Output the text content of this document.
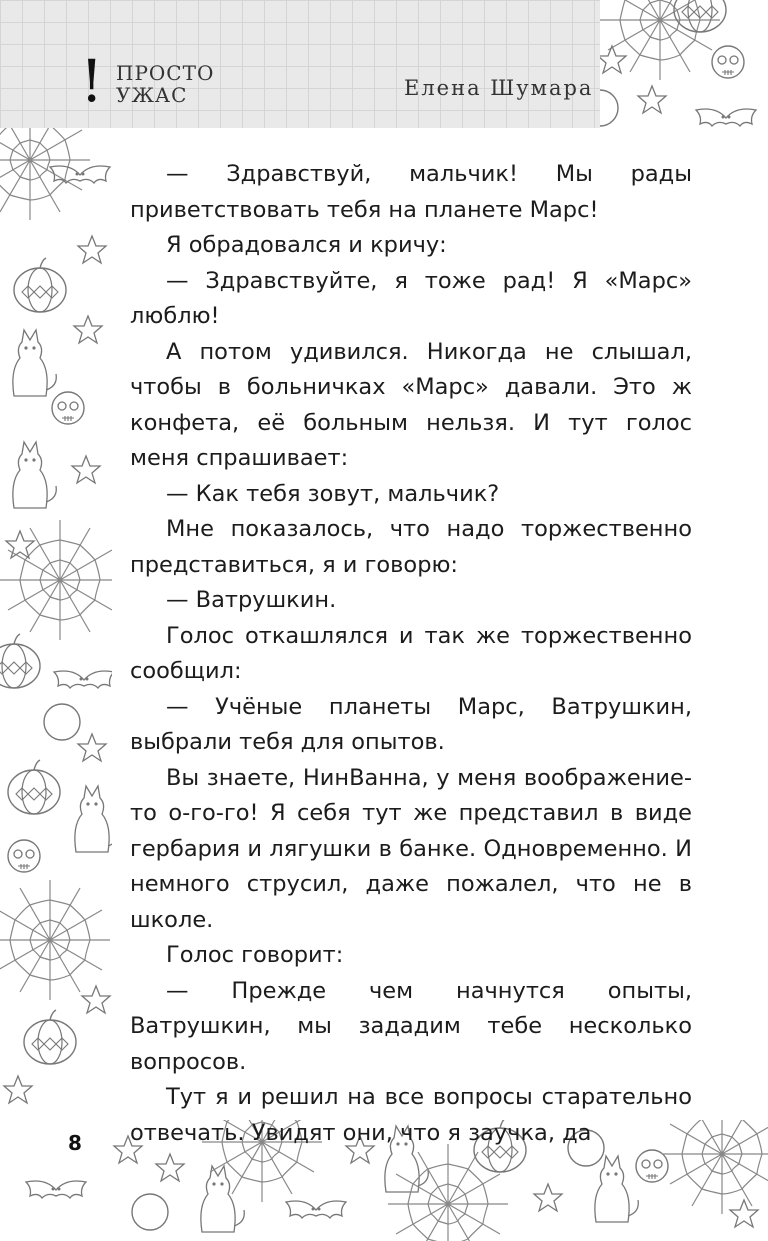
! ПРОСТО
УЖАС	Елена Шумара

— Здравствуй, мальчик! Мы рады приветствовать тебя на планете Марс!

Я обрадовался и кричу:

— Здравствуйте, я тоже рад! Я «Марс» люблю!

А потом удивился. Никогда не слышал, чтобы в больничках «Марс» давали. Это ж конфета, её больным нельзя. И тут голос меня спрашивает:

— Как тебя зовут, мальчик?

Мне показалось, что надо торжественно представиться, я и говорю:

— Ватрушкин.

Голос откашлялся и так же торжественно сообщил:

— Учёные планеты Марс, Ватрушкин, выбрали тебя для опытов.

Вы знаете, НинВанна, у меня воображение-то о-го-го! Я себя тут же представил в виде гербария и лягушки в банке. Одновременно. И немного струсил, даже пожалел, что не в школе.

Голос говорит:

— Прежде чем начнутся опыты, Ватрушкин, мы зададим тебе несколько вопросов.

Тут я и решил на все вопросы старательно отвечать. Увидят они, что я заучка, да

8
